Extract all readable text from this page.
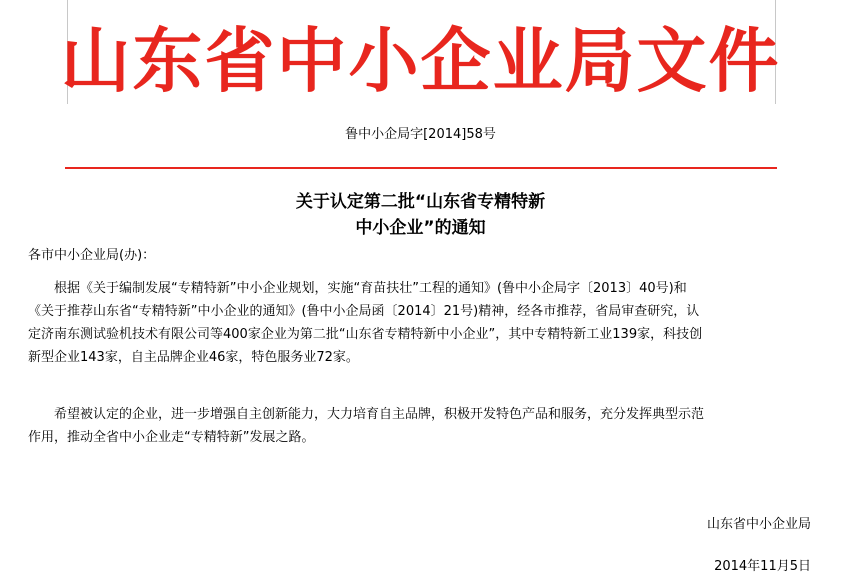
山东省中小企业局文件
鲁中小企局字[2014]58号
关于认定第二批“山东省专精特新
中小企业”的通知
各市中小企业局(办)：
　　根据《关于编制发展“专精特新”中小企业规划，实施“育苗扶壮”工程的通知》(鲁中小企局字〔2013〕40号)和
《关于推荐山东省“专精特新”中小企业的通知》(鲁中小企局函〔2014〕21号)精神，经各市推荐，省局审查研究，认
定济南东测试验机技术有限公司等400家企业为第二批“山东省专精特新中小企业”，其中专精特新工业139家，科技创
新型企业143家，自主品牌企业46家，特色服务业72家。
　　希望被认定的企业，进一步增强自主创新能力，大力培育自主品牌，积极开发特色产品和服务，充分发挥典型示范
作用，推动全省中小企业走“专精特新”发展之路。
山东省中小企业局
2014年11月5日
